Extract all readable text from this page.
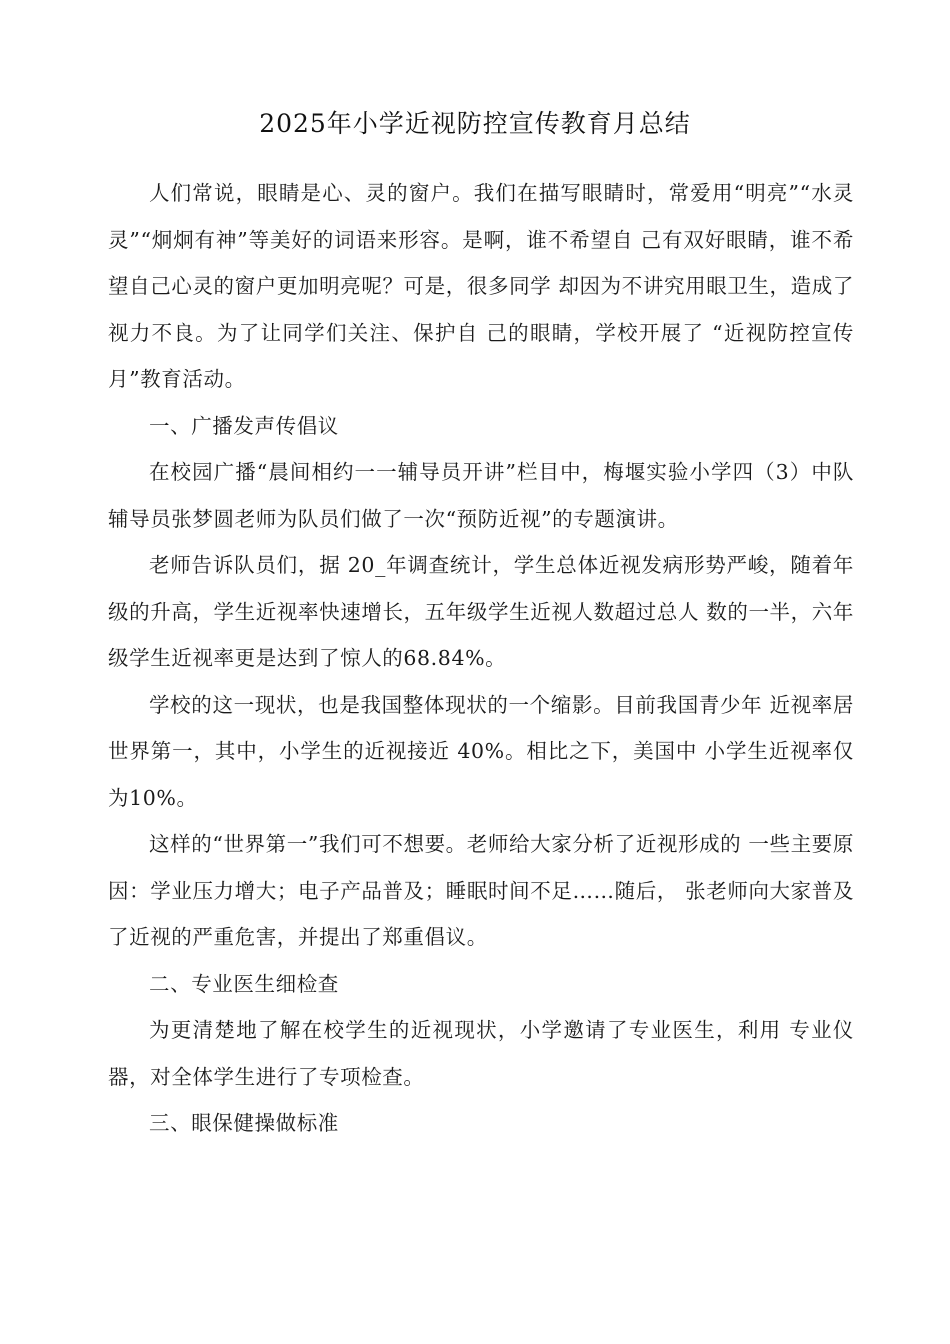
2025年小学近视防控宣传教育月总结

人们常说，眼睛是心、灵的窗户。我们在描写眼睛时，常爱用“明亮”“水灵灵”“炯炯有神”等美好的词语来形容。是啊，谁不希望自 己有双好眼睛，谁不希望自己心灵的窗户更加明亮呢？可是，很多同学 却因为不讲究用眼卫生，造成了视力不良。为了让同学们关注、保护自 己的眼睛，学校开展了 “近视防控宣传月”教育活动。

一、广播发声传倡议

在校园广播“晨间相约一一辅导员开讲”栏目中，梅堰实验小学四（3）中队辅导员张梦圆老师为队员们做了一次“预防近视”的专题演讲。

老师告诉队员们，据 20_年调查统计，学生总体近视发病形势严峻，随着年级的升高，学生近视率快速增长，五年级学生近视人数超过总人 数的一半，六年级学生近视率更是达到了惊人的68.84%。

学校的这一现状，也是我国整体现状的一个缩影。目前我国青少年 近视率居世界第一，其中，小学生的近视接近 40%。相比之下，美国中 小学生近视率仅为10%。

这样的“世界第一”我们可不想要。老师给大家分析了近视形成的 一些主要原因：学业压力增大；电子产品普及；睡眠时间不足……随后， 张老师向大家普及了近视的严重危害，并提出了郑重倡议。

二、专业医生细检查

为更清楚地了解在校学生的近视现状，小学邀请了专业医生，利用 专业仪器，对全体学生进行了专项检查。

三、眼保健操做标准
